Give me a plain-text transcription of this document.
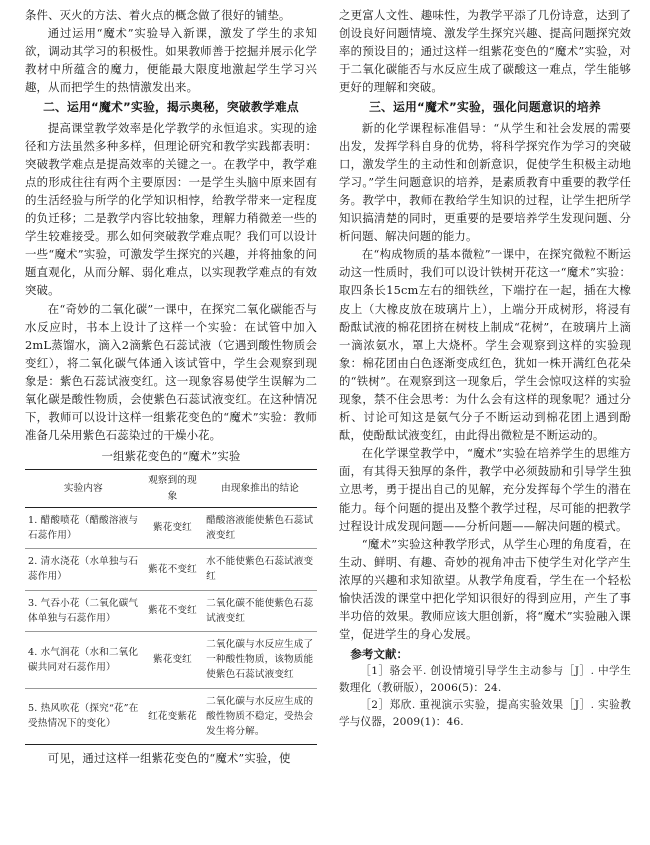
条件、灭火的方法、着火点的概念做了很好的铺垫。

通过运用“魔术”实验导入新课，激发了学生的求知欲，调动其学习的积极性。如果教师善于挖掘并展示化学教材中所蕴含的魔力，便能最大限度地激起学生学习兴趣，从而把学生的热情激发出来。

二、运用“魔术”实验，揭示奥秘，突破教学难点

提高课堂教学效率是化学教学的永恒追求。实现的途径和方法虽然多种多样，但理论研究和教学实践都表明：突破教学难点是提高效率的关键之一。在教学中，教学难点的形成往往有两个主要原因：一是学生头脑中原来固有的生活经验与所学的化学知识相悖，给教学带来一定程度的负迁移；二是教学内容比较抽象，理解力稍微差一些的学生较难接受。那么如何突破教学难点呢？我们可以设计一些“魔术”实验，可激发学生探究的兴趣，并将抽象的问题直观化，从而分解、弱化难点，以实现教学难点的有效突破。

在“奇妙的二氧化碳”一课中，在探究二氧化碳能否与水反应时，书本上设计了这样一个实验：在试管中加入2mL蒸馏水，滴入2滴紫色石蕊试液（它遇到酸性物质会变红），将二氧化碳气体通入该试管中，学生会观察到现象是：紫色石蕊试液变红。这一现象容易使学生误解为二氧化碳是酸性物质，会使紫色石蕊试液变红。在这种情况下，教师可以设计这样一组紫花变色的“魔术”实验：教师准备几朵用紫色石蕊染过的干燥小花。

一组紫花变色的“魔术”实验

实验内容	观察到的现象	由现象推出的结论
1. 醋酸喷花（醋酸溶液与石蕊作用）	紫花变红	醋酸溶液能使紫色石蕊试液变红
2. 清水浇花（水单独与石蕊作用）	紫花不变红	水不能使紫色石蕊试液变红
3. 气吞小花（二氧化碳气体单独与石蕊作用）	紫花不变红	二氧化碳不能使紫色石蕊试液变红
4. 水气润花（水和二氧化碳共同对石蕊作用）	紫花变红	二氧化碳与水反应生成了一种酸性物质，该物质能使紫色石蕊试液变红
5. 热风吹花（探究“花”在受热情况下的变化）	红花变紫花	二氧化碳与水反应生成的酸性物质不稳定，受热会发生将分解。

可见，通过这样一组紫花变色的“魔术”实验，使

之更富人文性、趣味性，为教学平添了几份诗意，达到了创设良好问题情境、激发学生探究兴趣、提高问题探究效率的预设目的；通过这样一组紫花变色的“魔术”实验，对于二氧化碳能否与水反应生成了碳酸这一难点，学生能够更好的理解和突破。

三、运用“魔术”实验，强化问题意识的培养

新的化学课程标准倡导：“从学生和社会发展的需要出发，发挥学科自身的优势，将科学探究作为学习的突破口，激发学生的主动性和创新意识，促使学生积极主动地学习。”学生问题意识的培养，是素质教育中重要的教学任务。教学中，教师在教给学生知识的过程，让学生把所学知识搞清楚的同时，更重要的是要培养学生发现问题、分析问题、解决问题的能力。

在“构成物质的基本微粒”一课中，在探究微粒不断运动这一性质时，我们可以设计铁树开花这一“魔术”实验：取四条长15cm左右的细铁丝，下端拧在一起，插在大橡皮上（大橡皮放在玻璃片上），上端分开成树形，将浸有酚酞试液的棉花团挤在树枝上制成“花树”，在玻璃片上滴一滴浓氨水，罩上大烧杯。学生会观察到这样的实验现象：棉花团由白色逐渐变成红色，犹如一株开满红色花朵的“铁树”。在观察到这一现象后，学生会惊叹这样的实验现象，禁不住会思考：为什么会有这样的现象呢？通过分析、讨论可知这是氨气分子不断运动到棉花团上遇到酚酞，使酚酞试液变红，由此得出微粒是不断运动的。

在化学课堂教学中，“魔术”实验在培养学生的思维方面，有其得天独厚的条件，教学中必须鼓励和引导学生独立思考，勇于提出自己的见解，充分发挥每个学生的潜在能力。每个问题的提出及整个教学过程，尽可能的把教学过程设计成发现问题——分析问题——解决问题的模式。

“魔术”实验这种教学形式，从学生心理的角度看，在生动、鲜明、有趣、奇妙的视角冲击下使学生对化学产生浓厚的兴趣和求知欲望。从教学角度看，学生在一个轻松愉快活泼的课堂中把化学知识很好的得到应用，产生了事半功倍的效果。教师应该大胆创新，将“魔术”实验融入课堂，促进学生的身心发展。

参考文献：

［1］骆会平. 创设情境引导学生主动参与［J］. 中学生数理化（教研版），2006(5)：24.

［2］郑欣. 重视演示实验，提高实验效果［J］. 实验教学与仪器，2009(1)：46.
